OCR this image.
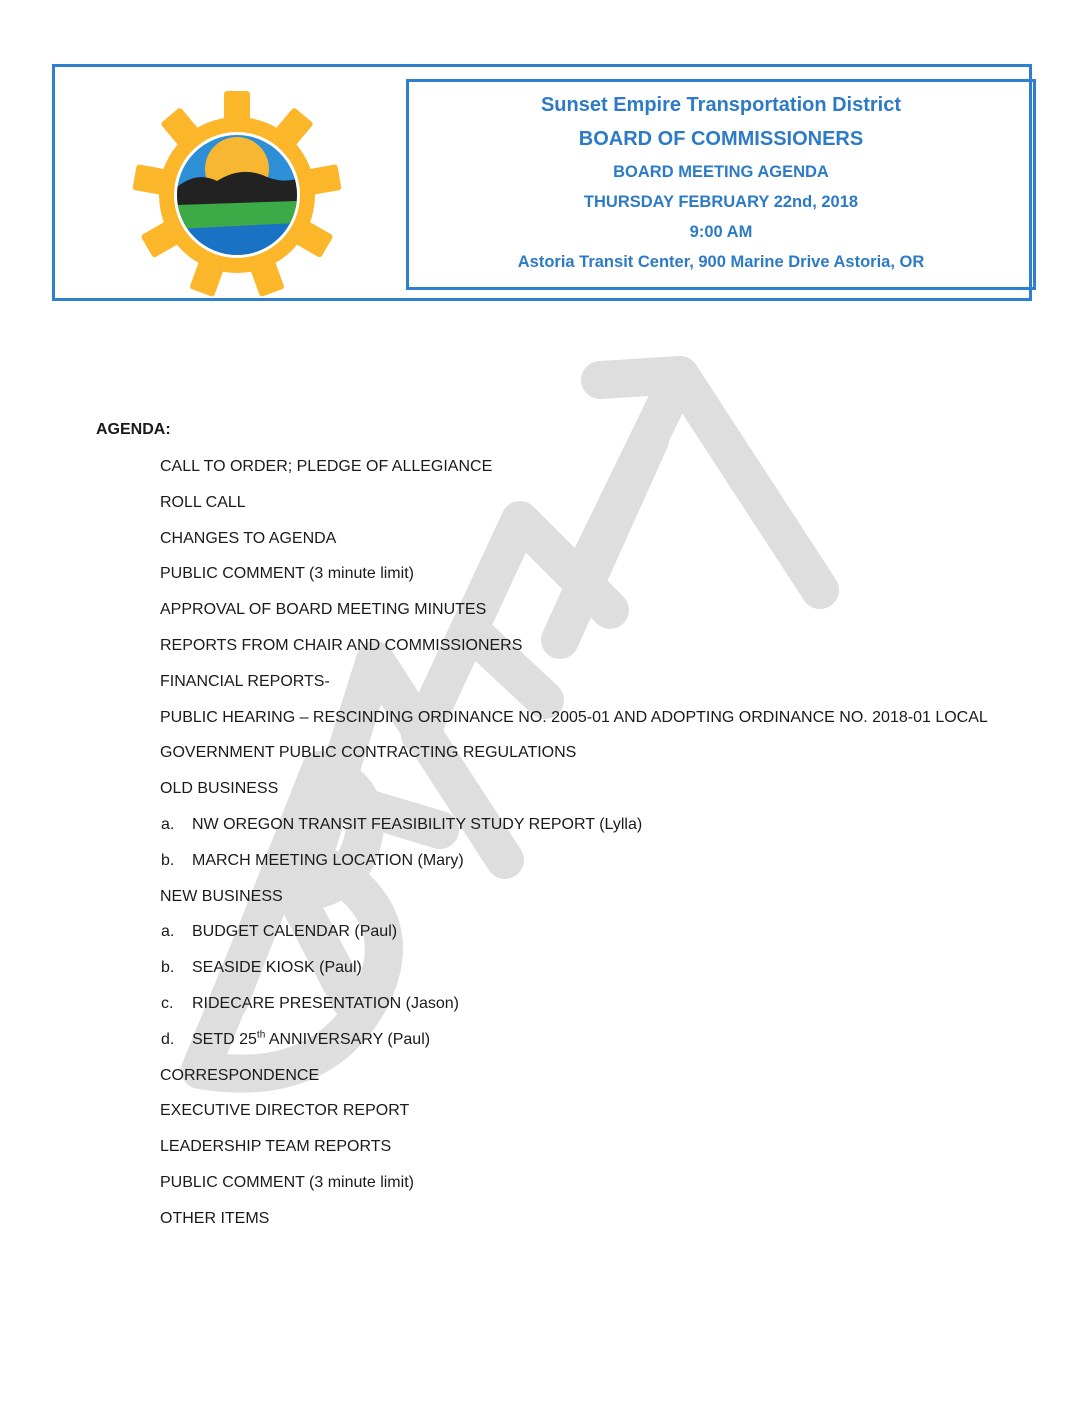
Sunset Empire Transportation District
BOARD OF COMMISSIONERS
BOARD MEETING AGENDA
THURSDAY FEBRUARY 22nd, 2018
9:00 AM
Astoria Transit Center, 900 Marine Drive Astoria, OR
AGENDA:
CALL TO ORDER; PLEDGE OF ALLEGIANCE
ROLL CALL
CHANGES TO AGENDA
PUBLIC COMMENT (3 minute limit)
APPROVAL OF BOARD MEETING MINUTES
REPORTS FROM CHAIR AND COMMISSIONERS
FINANCIAL REPORTS-
PUBLIC HEARING – RESCINDING ORDINANCE NO. 2005-01 AND ADOPTING ORDINANCE NO. 2018-01 LOCAL
GOVERNMENT PUBLIC CONTRACTING REGULATIONS
OLD BUSINESS
a. NW OREGON TRANSIT FEASIBILITY STUDY REPORT (Lylla)
b. MARCH MEETING LOCATION (Mary)
NEW BUSINESS
a. BUDGET CALENDAR (Paul)
b. SEASIDE KIOSK (Paul)
c. RIDECARE PRESENTATION (Jason)
d. SETD 25th ANNIVERSARY (Paul)
CORRESPONDENCE
EXECUTIVE DIRECTOR REPORT
LEADERSHIP TEAM REPORTS
PUBLIC COMMENT (3 minute limit)
OTHER ITEMS
